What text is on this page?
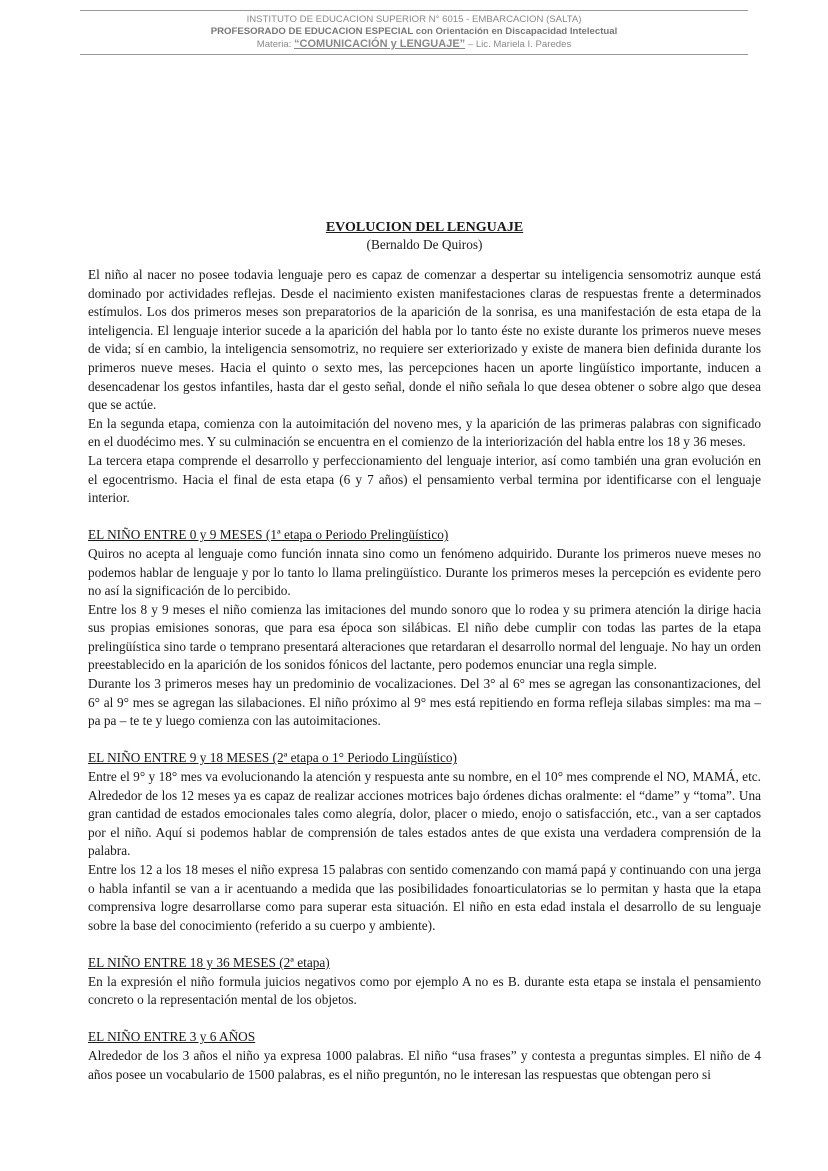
INSTITUTO DE EDUCACION SUPERIOR N° 6015 - EMBARCACION (SALTA)
PROFESORADO DE EDUCACION ESPECIAL con Orientación en Discapacidad Intelectual
Materia: “COMUNICACIÓN y LENGUAJE” – Lic. Mariela I. Paredes
EVOLUCION DEL LENGUAJE
(Bernaldo De Quiros)

El niño al nacer no posee todavia lenguaje pero es capaz de comenzar a despertar su inteligencia sensomotriz aunque está dominado por actividades reflejas. Desde el nacimiento existen manifestaciones claras de respuestas frente a determinados estímulos. Los dos primeros meses son preparatorios de la aparición de la sonrisa, es una manifestación de esta etapa de la inteligencia. El lenguaje interior sucede a la aparición del habla por lo tanto éste no existe durante los primeros nueve meses de vida; sí en cambio, la inteligencia sensomotriz, no requiere ser exteriorizado y existe de manera bien definida durante los primeros nueve meses. Hacia el quinto o sexto mes, las percepciones hacen un aporte lingüístico importante, inducen a desencadenar los gestos infantiles, hasta dar el gesto señal, donde el niño señala lo que desea obtener o sobre algo que desea que se actúe.

En la segunda etapa, comienza con la autoimitación del noveno mes, y la aparición de las primeras palabras con significado en el duodécimo mes. Y su culminación se encuentra en el comienzo de la interiorización del habla entre los 18 y 36 meses.

La tercera etapa comprende el desarrollo y perfeccionamiento del lenguaje interior, así como también una gran evolución en el egocentrismo. Hacia el final de esta etapa (6 y 7 años) el pensamiento verbal termina por identificarse con el lenguaje interior.

EL NIÑO ENTRE 0 y 9 MESES (1ª etapa o Periodo Prelingüístico)

Quiros no acepta al lenguaje como función innata sino como un fenómeno adquirido. Durante los primeros nueve meses no podemos hablar de lenguaje y por lo tanto lo llama prelingüístico. Durante los primeros meses la percepción es evidente pero no así la significación de lo percibido.

Entre los 8 y 9 meses el niño comienza las imitaciones del mundo sonoro que lo rodea y su primera atención la dirige hacia sus propias emisiones sonoras, que para esa época son silábicas. El niño debe cumplir con todas las partes de la etapa prelingüística sino tarde o temprano presentará alteraciones que retardaran el desarrollo normal del lenguaje. No hay un orden preestablecido en la aparición de los sonidos fónicos del lactante, pero podemos enunciar una regla simple.

Durante los 3 primeros meses hay un predominio de vocalizaciones. Del 3° al 6° mes se agregan las consonantizaciones, del 6° al 9° mes se agregan las silabaciones. El niño próximo al 9° mes está repitiendo en forma refleja silabas simples: ma ma – pa pa – te te y luego comienza con las autoimitaciones.

EL NIÑO ENTRE 9 y 18 MESES (2ª etapa o 1° Periodo Lingüístico)

Entre el 9° y 18° mes va evolucionando la atención y respuesta ante su nombre, en el 10° mes comprende el NO, MAMÁ, etc. Alrededor de los 12 meses ya es capaz de realizar acciones motrices bajo órdenes dichas oralmente: el “dame” y “toma”. Una gran cantidad de estados emocionales tales como alegría, dolor, placer o miedo, enojo o satisfacción, etc., van a ser captados por el niño. Aquí si podemos hablar de comprensión de tales estados antes de que exista una verdadera comprensión de la palabra.

Entre los 12 a los 18 meses el niño expresa 15 palabras con sentido comenzando con mamá papá y continuando con una jerga o habla infantil se van a ir acentuando a medida que las posibilidades fonoarticulatorias se lo permitan y hasta que la etapa comprensiva logre desarrollarse como para superar esta situación. El niño en esta edad instala el desarrollo de su lenguaje sobre la base del conocimiento (referido a su cuerpo y ambiente).

EL NIÑO ENTRE 18 y 36 MESES (2ª etapa)

En la expresión el niño formula juicios negativos como por ejemplo A no es B. durante esta etapa se instala el pensamiento concreto o la representación mental de los objetos.

EL NIÑO ENTRE 3 y 6 AÑOS

Alrededor de los 3 años el niño ya expresa 1000 palabras. El niño “usa frases” y contesta a preguntas simples. El niño de 4 años posee un vocabulario de 1500 palabras, es el niño preguntón, no le interesan las respuestas que obtengan pero si
